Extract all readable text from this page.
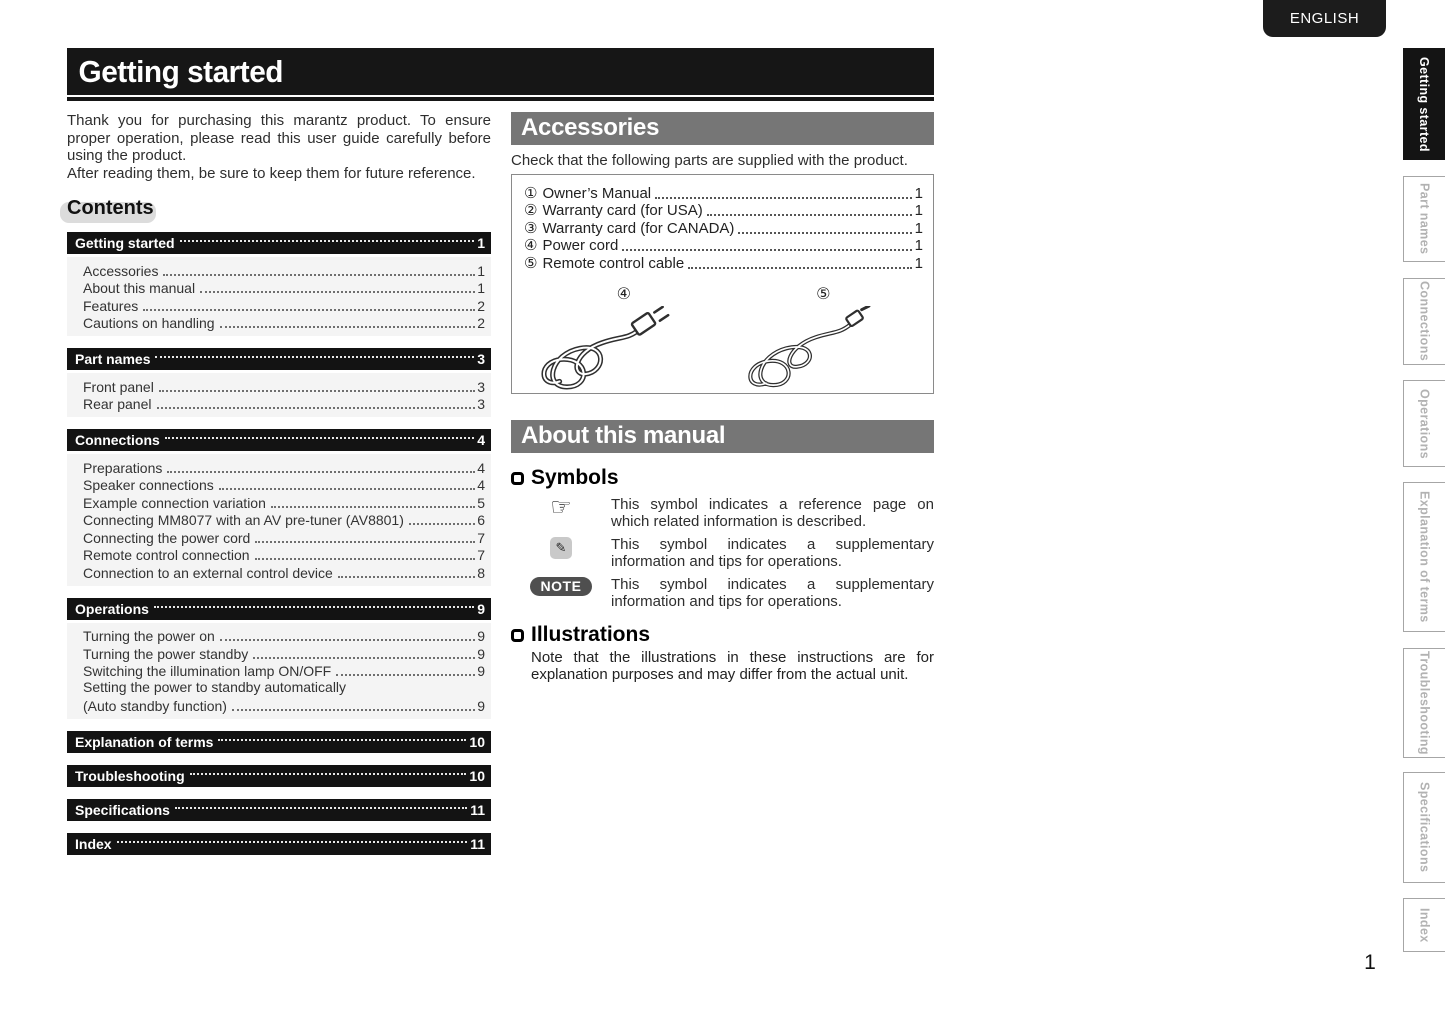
ENGLISH
Getting started

Thank you for purchasing this marantz product. To ensure proper operation, please read this user guide carefully before using the product.

After reading them, be sure to keep them for future reference.

Contents
Getting started	1
Accessories	1
About this manual	1
Features	2
Cautions on handling	2
Part names	3
Front panel	3
Rear panel	3
Connections	4
Preparations	4
Speaker connections	4
Example connection variation	5
Connecting MM8077 with an AV pre-tuner (AV8801)	6
Connecting the power cord	7
Remote control connection	7
Connection to an external control device	8
Operations	9
Turning the power on	9
Turning the power standby	9
Switching the illumination lamp ON/OFF	9
Setting the power to standby automatically
(Auto standby function)	9
Explanation of terms	10
Troubleshooting	10
Specifications	11
Index	11
Accessories

Check that the following parts are supplied with the product.

① Owner’s Manual	1
② Warranty card (for USA)	1
③ Warranty card (for CANADA)	1
④ Power cord	1
⑤ Remote control cable	1
④	⑤
About this manual
Symbols
☞	This symbol indicates a reference page on which related information is described.
✎	This symbol indicates a supplementary information and tips for operations.
NOTE	This symbol indicates a supplementary information and tips for operations.
Illustrations

Note that the illustrations in these instructions are for explanation purposes and may differ from the actual unit.

Getting started
Part names
Connections
Operations
Explanation of terms
Troubleshooting
Specifications
Index
1
